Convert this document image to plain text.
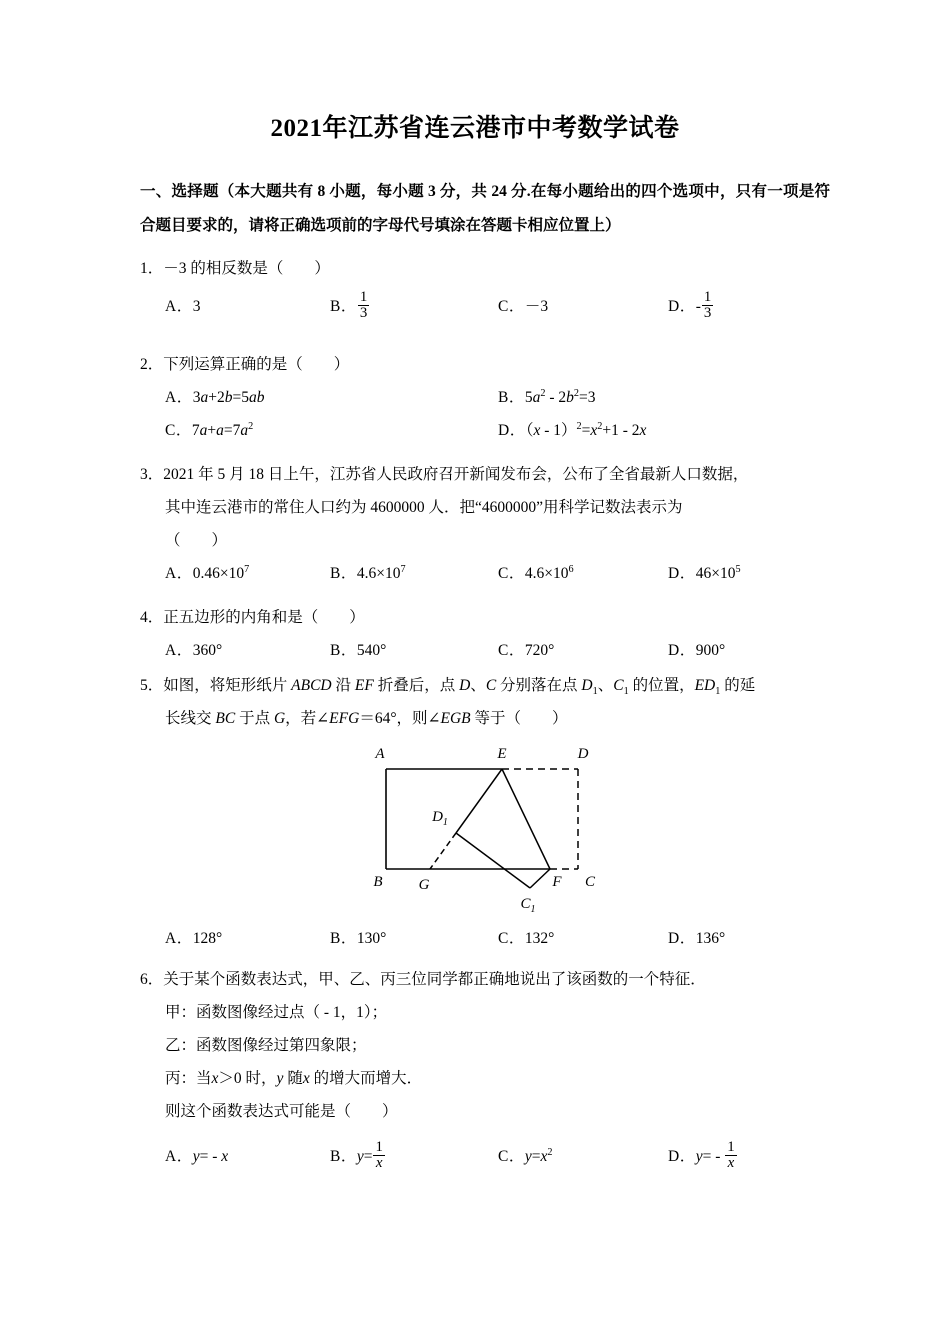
2021年江苏省连云港市中考数学试卷
一、选择题（本大题共有 8 小题，每小题 3 分，共 24 分.在每小题给出的四个选项中，只有一项是符合题目要求的，请将正确选项前的字母代号填涂在答题卡相应位置上）
1．－3 的相反数是（　　）
A．3	B． $\frac{1}{3}$	C．－3	D．- $\frac{1}{3}$
2．下列运算正确的是（　　）
A．3a+2b=5ab	B．$5a^2 - 2b^2=3$
C．$7a+a=7a^2$	D．$(x - 1)^2=x^2+1 - 2x$
3．2021 年 5 月 18 日上午，江苏省人民政府召开新闻发布会，公布了全省最新人口数据，
其中连云港市的常住人口约为 4600000 人．把“4600000”用科学记数法表示为
（　　）
A．$0.46\times 10^7$	B．$4.6\times 10^7$	C．$4.6\times 10^6$	D．$46\times 10^5$
4．正五边形的内角和是（　　）
A．360°	B．540°	C．720°	D．900°
5．如图，将矩形纸片 ABCD 沿 EF 折叠后，点 D、C 分别落在点 $D_1$、$C_1$ 的位置，$ED_1$ 的延
长线交 BC 于点 G，若∠EFG＝64°，则∠EGB 等于（　　）
A	E	D
$D_1$
B G	F C
$C_1$
A．128°	B．130°	C．132°	D．136°
6．关于某个函数表达式，甲、乙、丙三位同学都正确地说出了该函数的一个特征．
甲：函数图像经过点（ - 1，1）；
乙：函数图像经过第四象限；
丙：当x＞0 时，y 随x 的增大而增大．
则这个函数表达式可能是（　　）
A．y= - x	B．$y= \frac{1}{x}$	C．$y=x^2$	D．$y= - \frac{1}{x}$
